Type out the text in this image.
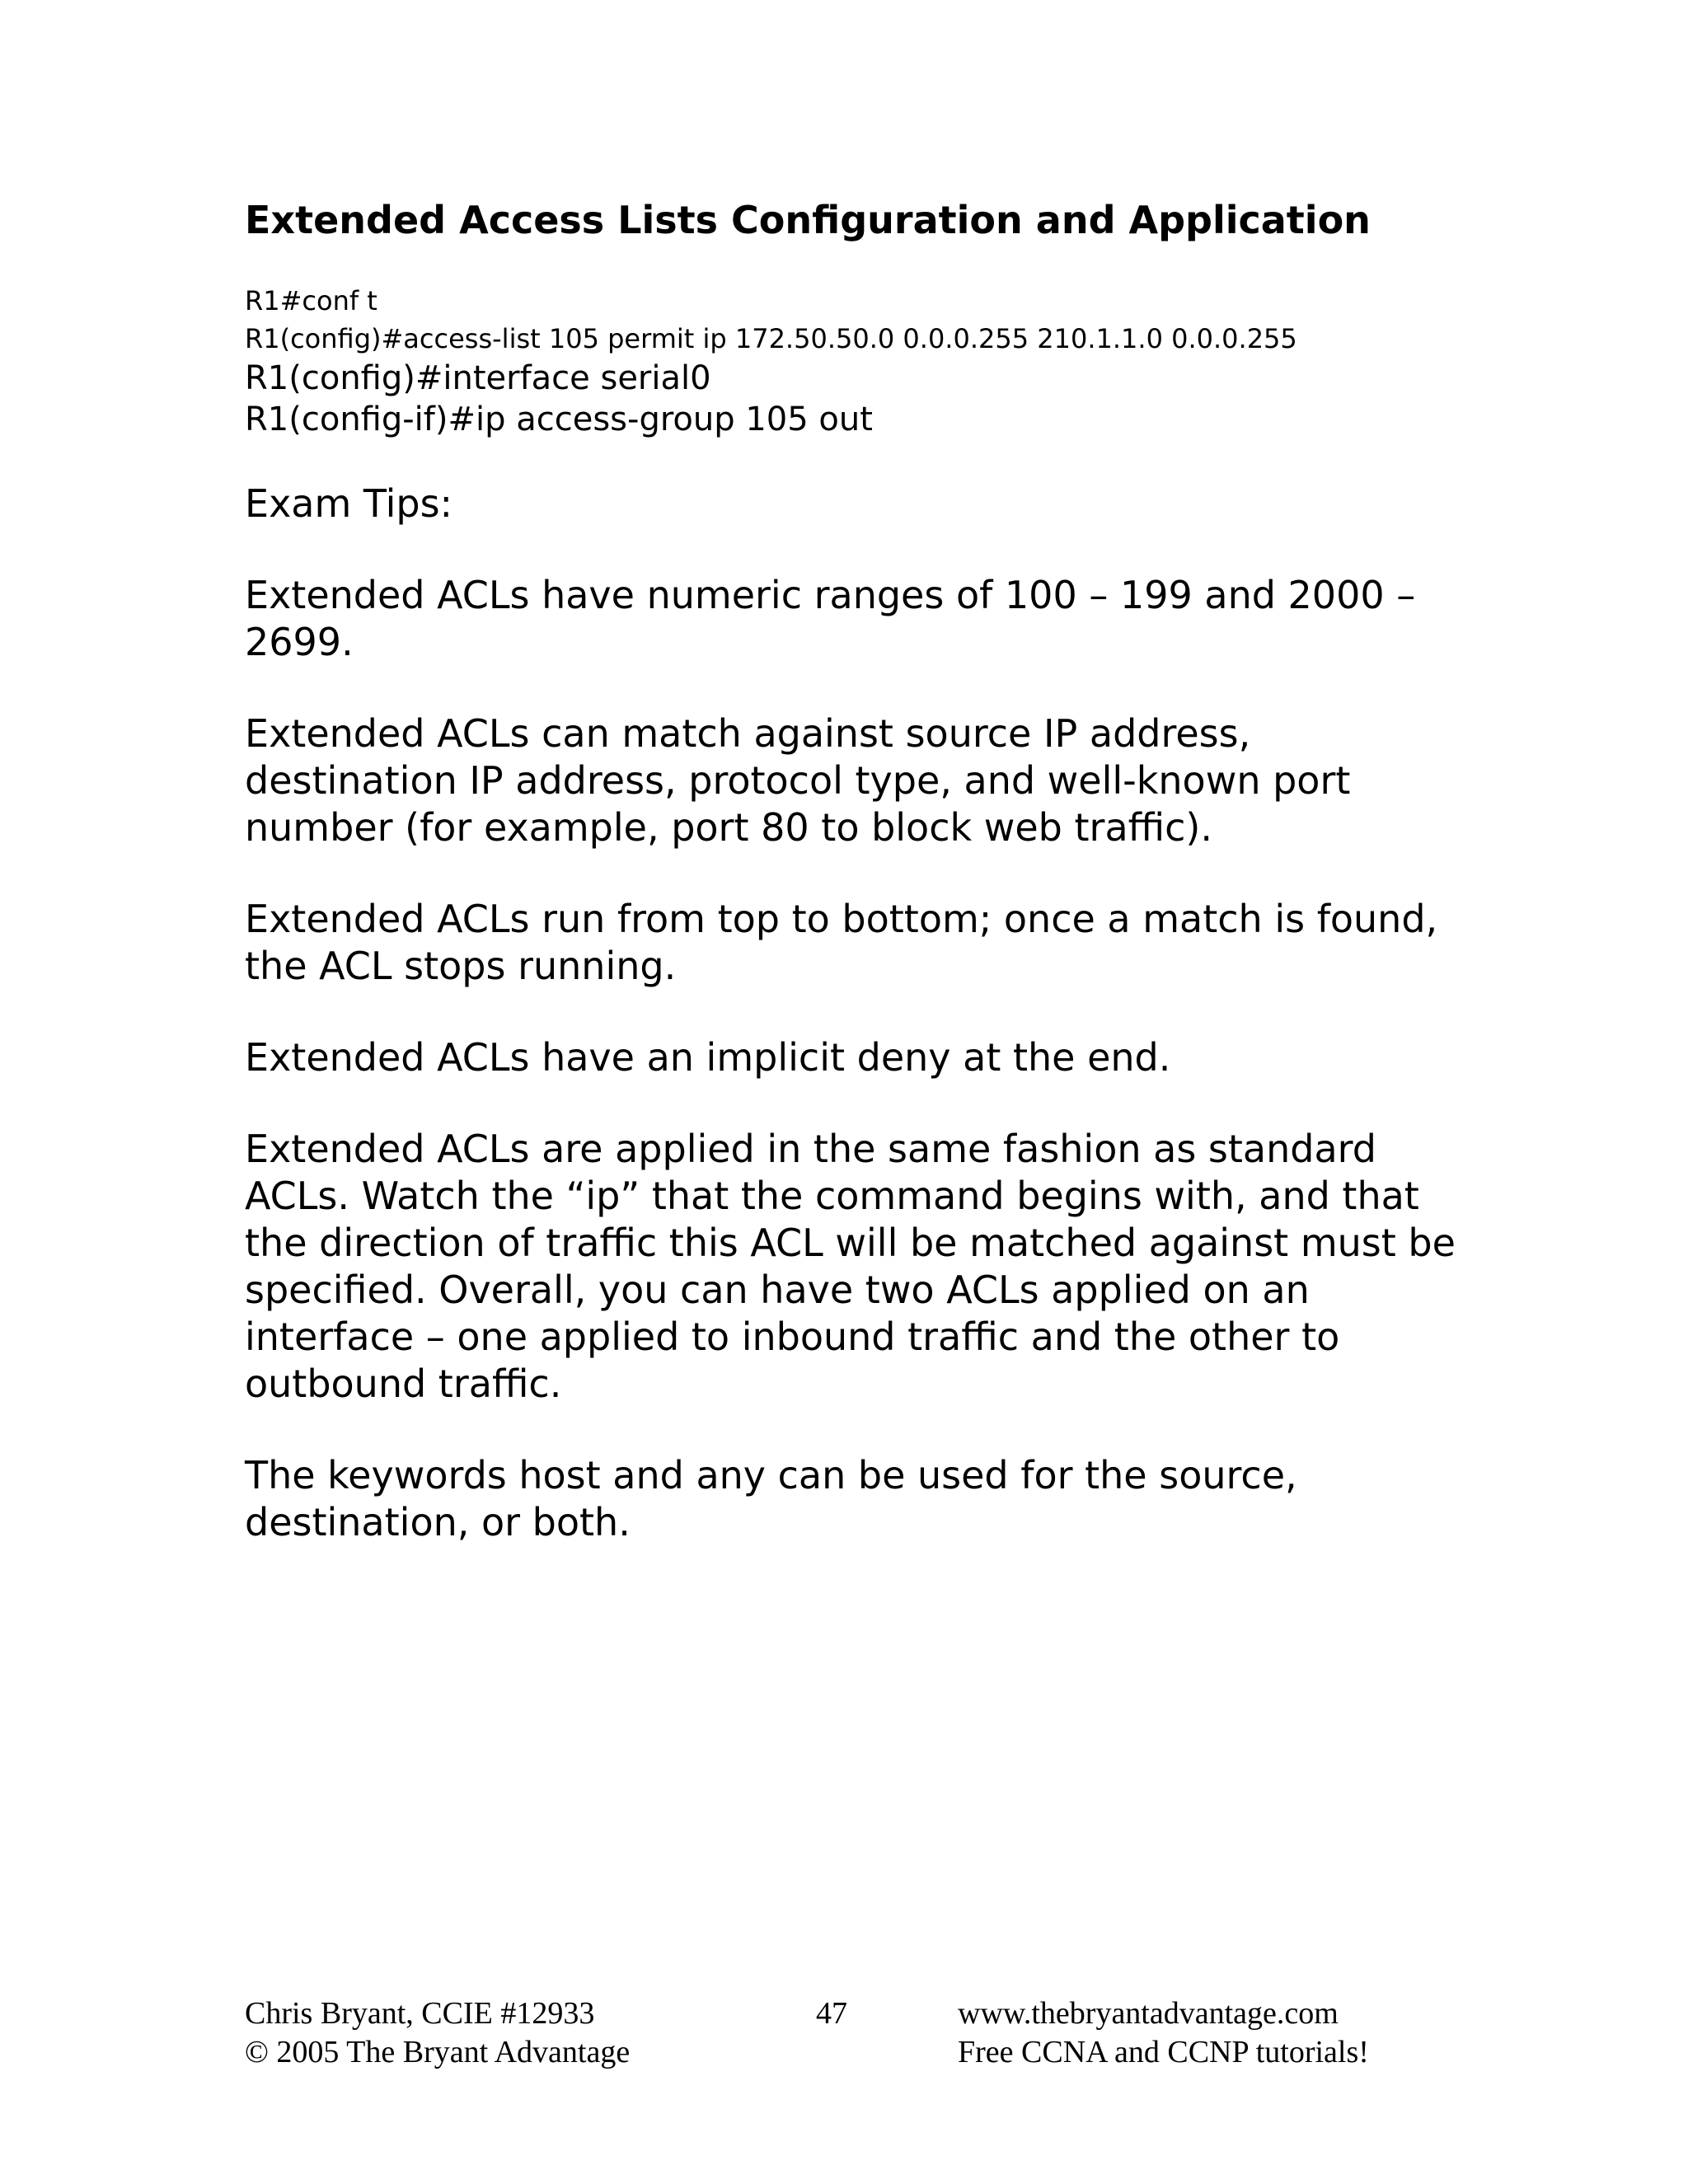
Extended Access Lists Configuration and Application
R1#conf t
R1(config)#access-list 105 permit ip 172.50.50.0 0.0.0.255 210.1.1.0 0.0.0.255
R1(config)#interface serial0
R1(config-if)#ip access-group 105 out
Exam Tips:

Extended ACLs have numeric ranges of 100 – 199 and 2000 – 2699.

Extended ACLs can match against source IP address, destination IP address, protocol type, and well-known port number (for example, port 80 to block web traffic).

Extended ACLs run from top to bottom; once a match is found, the ACL stops running.

Extended ACLs have an implicit deny at the end.

Extended ACLs are applied in the same fashion as standard ACLs. Watch the “ip” that the command begins with, and that the direction of traffic this ACL will be matched against must be specified. Overall, you can have two ACLs applied on an interface – one applied to inbound traffic and the other to outbound traffic.

The keywords host and any can be used for the source, destination, or both.

Chris Bryant, CCIE #12933
© 2005 The Bryant Advantage
47	www.thebryantadvantage.com
Free CCNA and CCNP tutorials!
